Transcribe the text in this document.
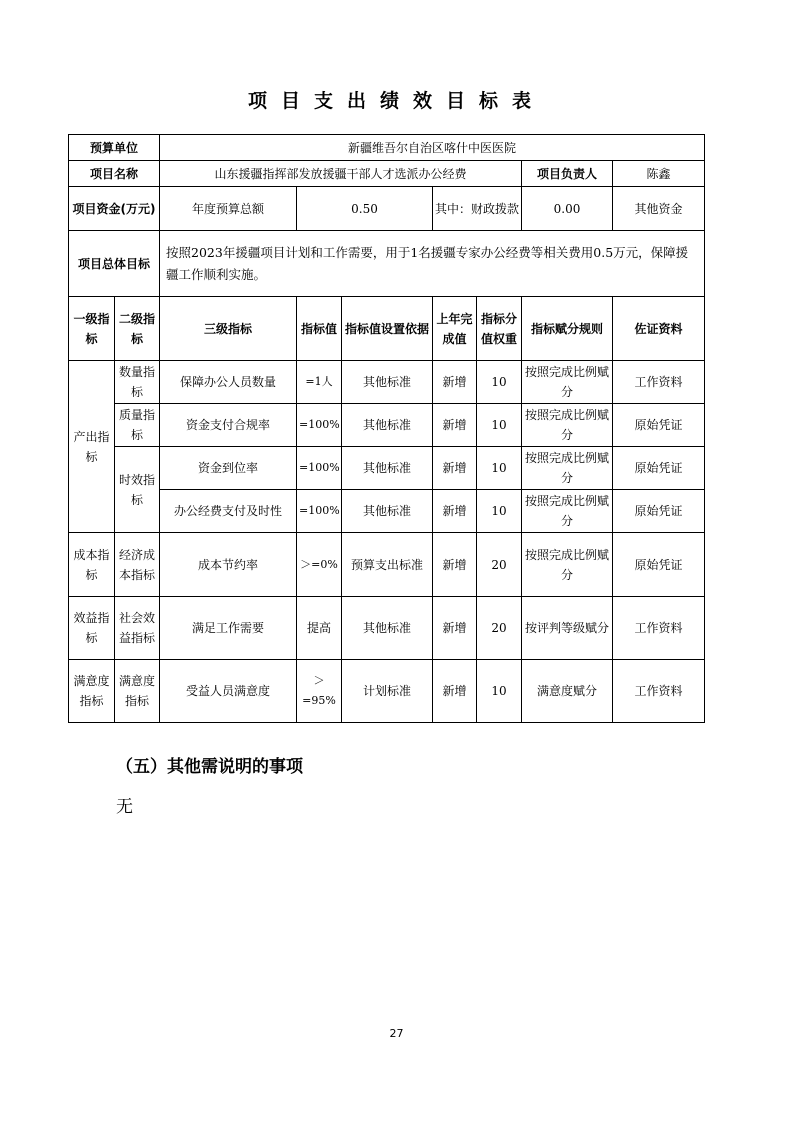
项目支出绩效目标表
预算单位		新疆维吾尔自治区喀什中医医院							
项目名称		山东援疆指挥部发放援疆干部人才选派办公经费					项目负责人	陈鑫	
项目资金(万元)		年度预算总额	0.50		其中：财政拨款		0.00	其他资金	
项目总体目标		按照2023年援疆项目计划和工作需要，用于1名援疆专家办公经费等相关费用0.5万元，保障援疆工作顺利实施。							
一级指标	二级指标	三级指标	指标值	指标值设置依据	上年完成值	指标分值权重	指标赋分规则	佐证资料	
产出指标	数量指标	保障办公人员数量	=1人	其他标准	新增	10	按照完成比例赋分	工作资料	
	质量指标	资金支付合规率	=100%	其他标准	新增	10	按照完成比例赋分	原始凭证	
	时效指标	资金到位率	=100%	其他标准	新增	10	按照完成比例赋分	原始凭证	
		办公经费支付及时性	=100%	其他标准	新增	10	按照完成比例赋分	原始凭证	
成本指标	经济成本指标	成本节约率	＞=0%	预算支出标准	新增	20	按照完成比例赋分	原始凭证	
效益指标	社会效益指标	满足工作需要	提高	其他标准	新增	20	按评判等级赋分	工作资料	
满意度指标	满意度指标	受益人员满意度	＞=95%	计划标准	新增	10	满意度赋分	工作资料	
（五）其他需说明的事项
无
27
